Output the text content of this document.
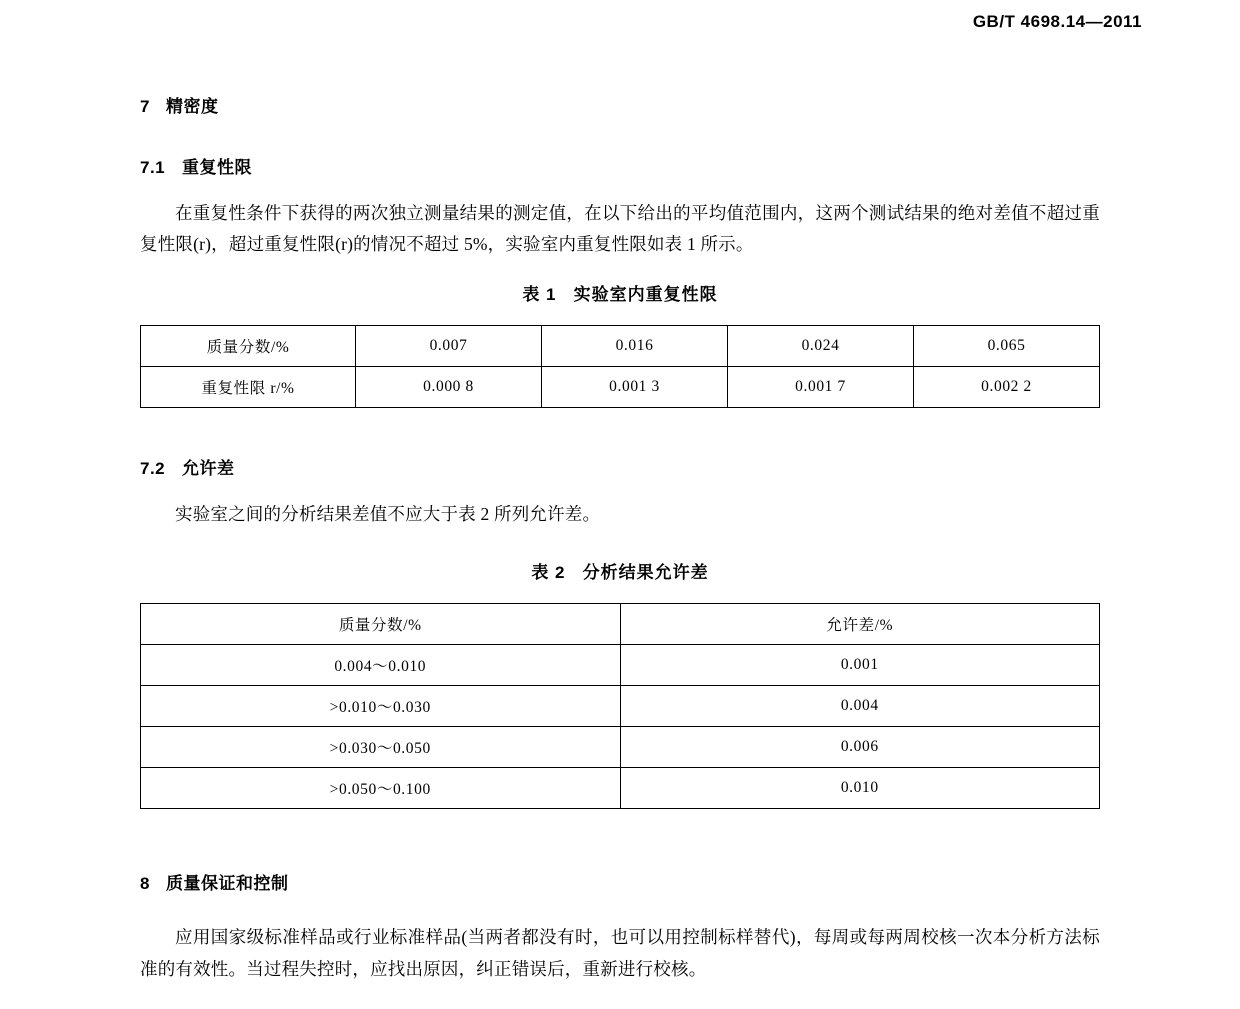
GB/T 4698.14—2011
7 精密度
7.1 重复性限

在重复性条件下获得的两次独立测量结果的测定值，在以下给出的平均值范围内，这两个测试结果的绝对差值不超过重复性限(r)，超过重复性限(r)的情况不超过 5%，实验室内重复性限如表 1 所示。

表 1 实验室内重复性限
质量分数/%	0.007	0.016	0.024	0.065
重复性限 r/%	0.000 8	0.001 3	0.001 7	0.002 2
7.2 允许差

实验室之间的分析结果差值不应大于表 2 所列允许差。

表 2 分析结果允许差
质量分数/%	允许差/%
0.004～0.010	0.001
>0.010～0.030	0.004
>0.030～0.050	0.006
>0.050～0.100	0.010
8 质量保证和控制

应用国家级标准样品或行业标准样品(当两者都没有时，也可以用控制标样替代)，每周或每两周校核一次本分析方法标准的有效性。当过程失控时，应找出原因，纠正错误后，重新进行校核。
